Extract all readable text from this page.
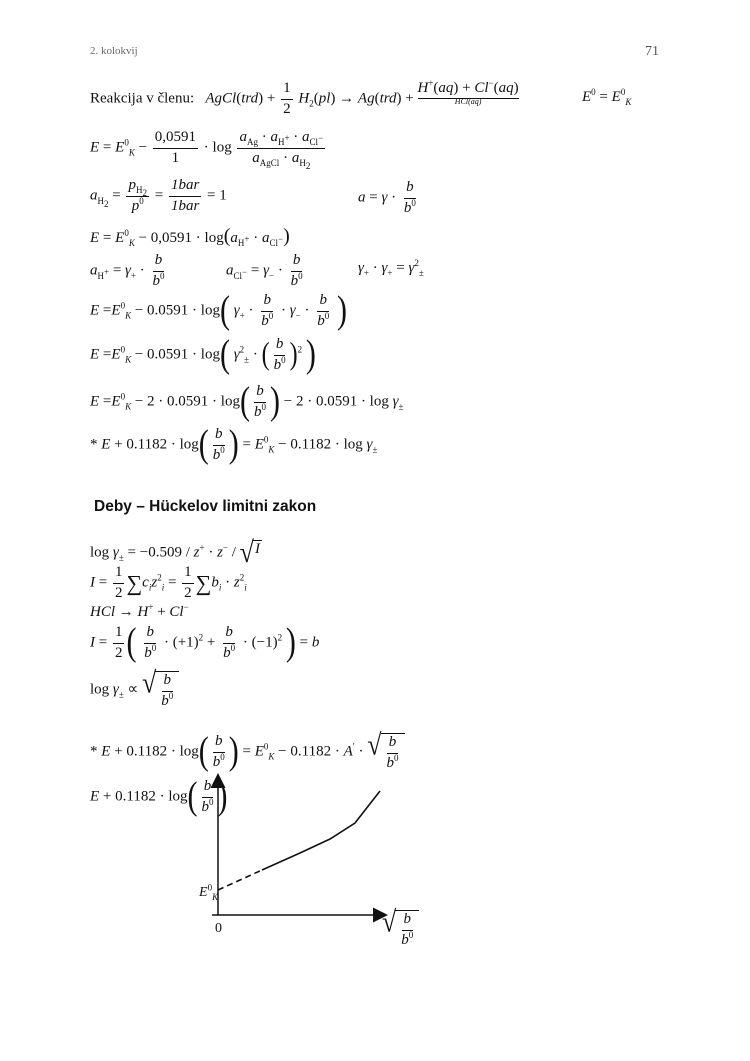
2. kolokvij	71
Reakcija v členu: AgCl(trd) + $\frac{1}{2} H_2(pl) \to Ag(trd)$ +
H+(aq) + Cl−(aq)
HCl(aq)	$E^0 = E^0_K$
$E = E^0_K - \frac{0,0591}{1} \cdot \log$
$a_{Ag} \cdot a_{H^+} \cdot a_{Cl^-}$
$a_{AgCl} \cdot a_{H_2}$
$a_{H_2} = \frac{p_{H_2}}{p^0}$ =
1bar
1bar
= 1	$a = \gamma \cdot \frac{b}{b^0}$
$E = E^0_K - 0,0591 \cdot \log(a_{H^+} \cdot a_{Cl^-})$
$a_{H^+} = \gamma_+ \cdot \frac{b}{b^0}$	$a_{Cl^-} = \gamma_- \cdot \frac{b}{b^0}$	$\gamma_+ \cdot \gamma_+ = \gamma^2_\pm$
$E =E^0_K - 0.0591 \cdot \log$( $\gamma_+ \cdot \frac{b}{b^0} \cdot \gamma_- \cdot \frac{b}{b^0}$ )
$E =E^0_K - 0.0591 \cdot \log$( $\gamma^2_\pm$ · ( $\frac{b}{b^0} )^2$ )
$E =E^0_K - 2 \cdot 0.0591 \cdot \log( \frac{b}{b^0}$ ) − $2 \cdot 0.0591 \cdot \log \gamma_\pm$
* $E + 0.1182 \cdot \log( \frac{b}{b^0}$ ) = $E^0_K - 0.1182 \cdot \log \gamma_\pm$
Deby – Hückelov limitni zakon
$\log \gamma_\pm = -0.509 / z^+ \cdot z^-$ / √ I
$I = \frac{1}{2} \sum c_iz^2_i = \frac{1}{2} \sum b_i \cdot z^2_i$
HCl → H+ + Cl−
$I = \frac{1}{2}$ ( $\frac{b}{b^0} \cdot (+1)^2 + \frac{b}{b^0} \cdot (-1)^2$ ) = b
$\log \gamma_\pm$ ∝ √ $\frac{b}{b^0}$
* $E + 0.1182 \cdot \log( \frac{b}{b^0}$ ) = $E^0_K - 0.1182 \cdot A'$ · √ $\frac{b}{b^0}$
$E + 0.1182 \cdot \log( \frac{b}{b^0}$ )
$E^0_K$
0	√ $\frac{b}{b^0}$
